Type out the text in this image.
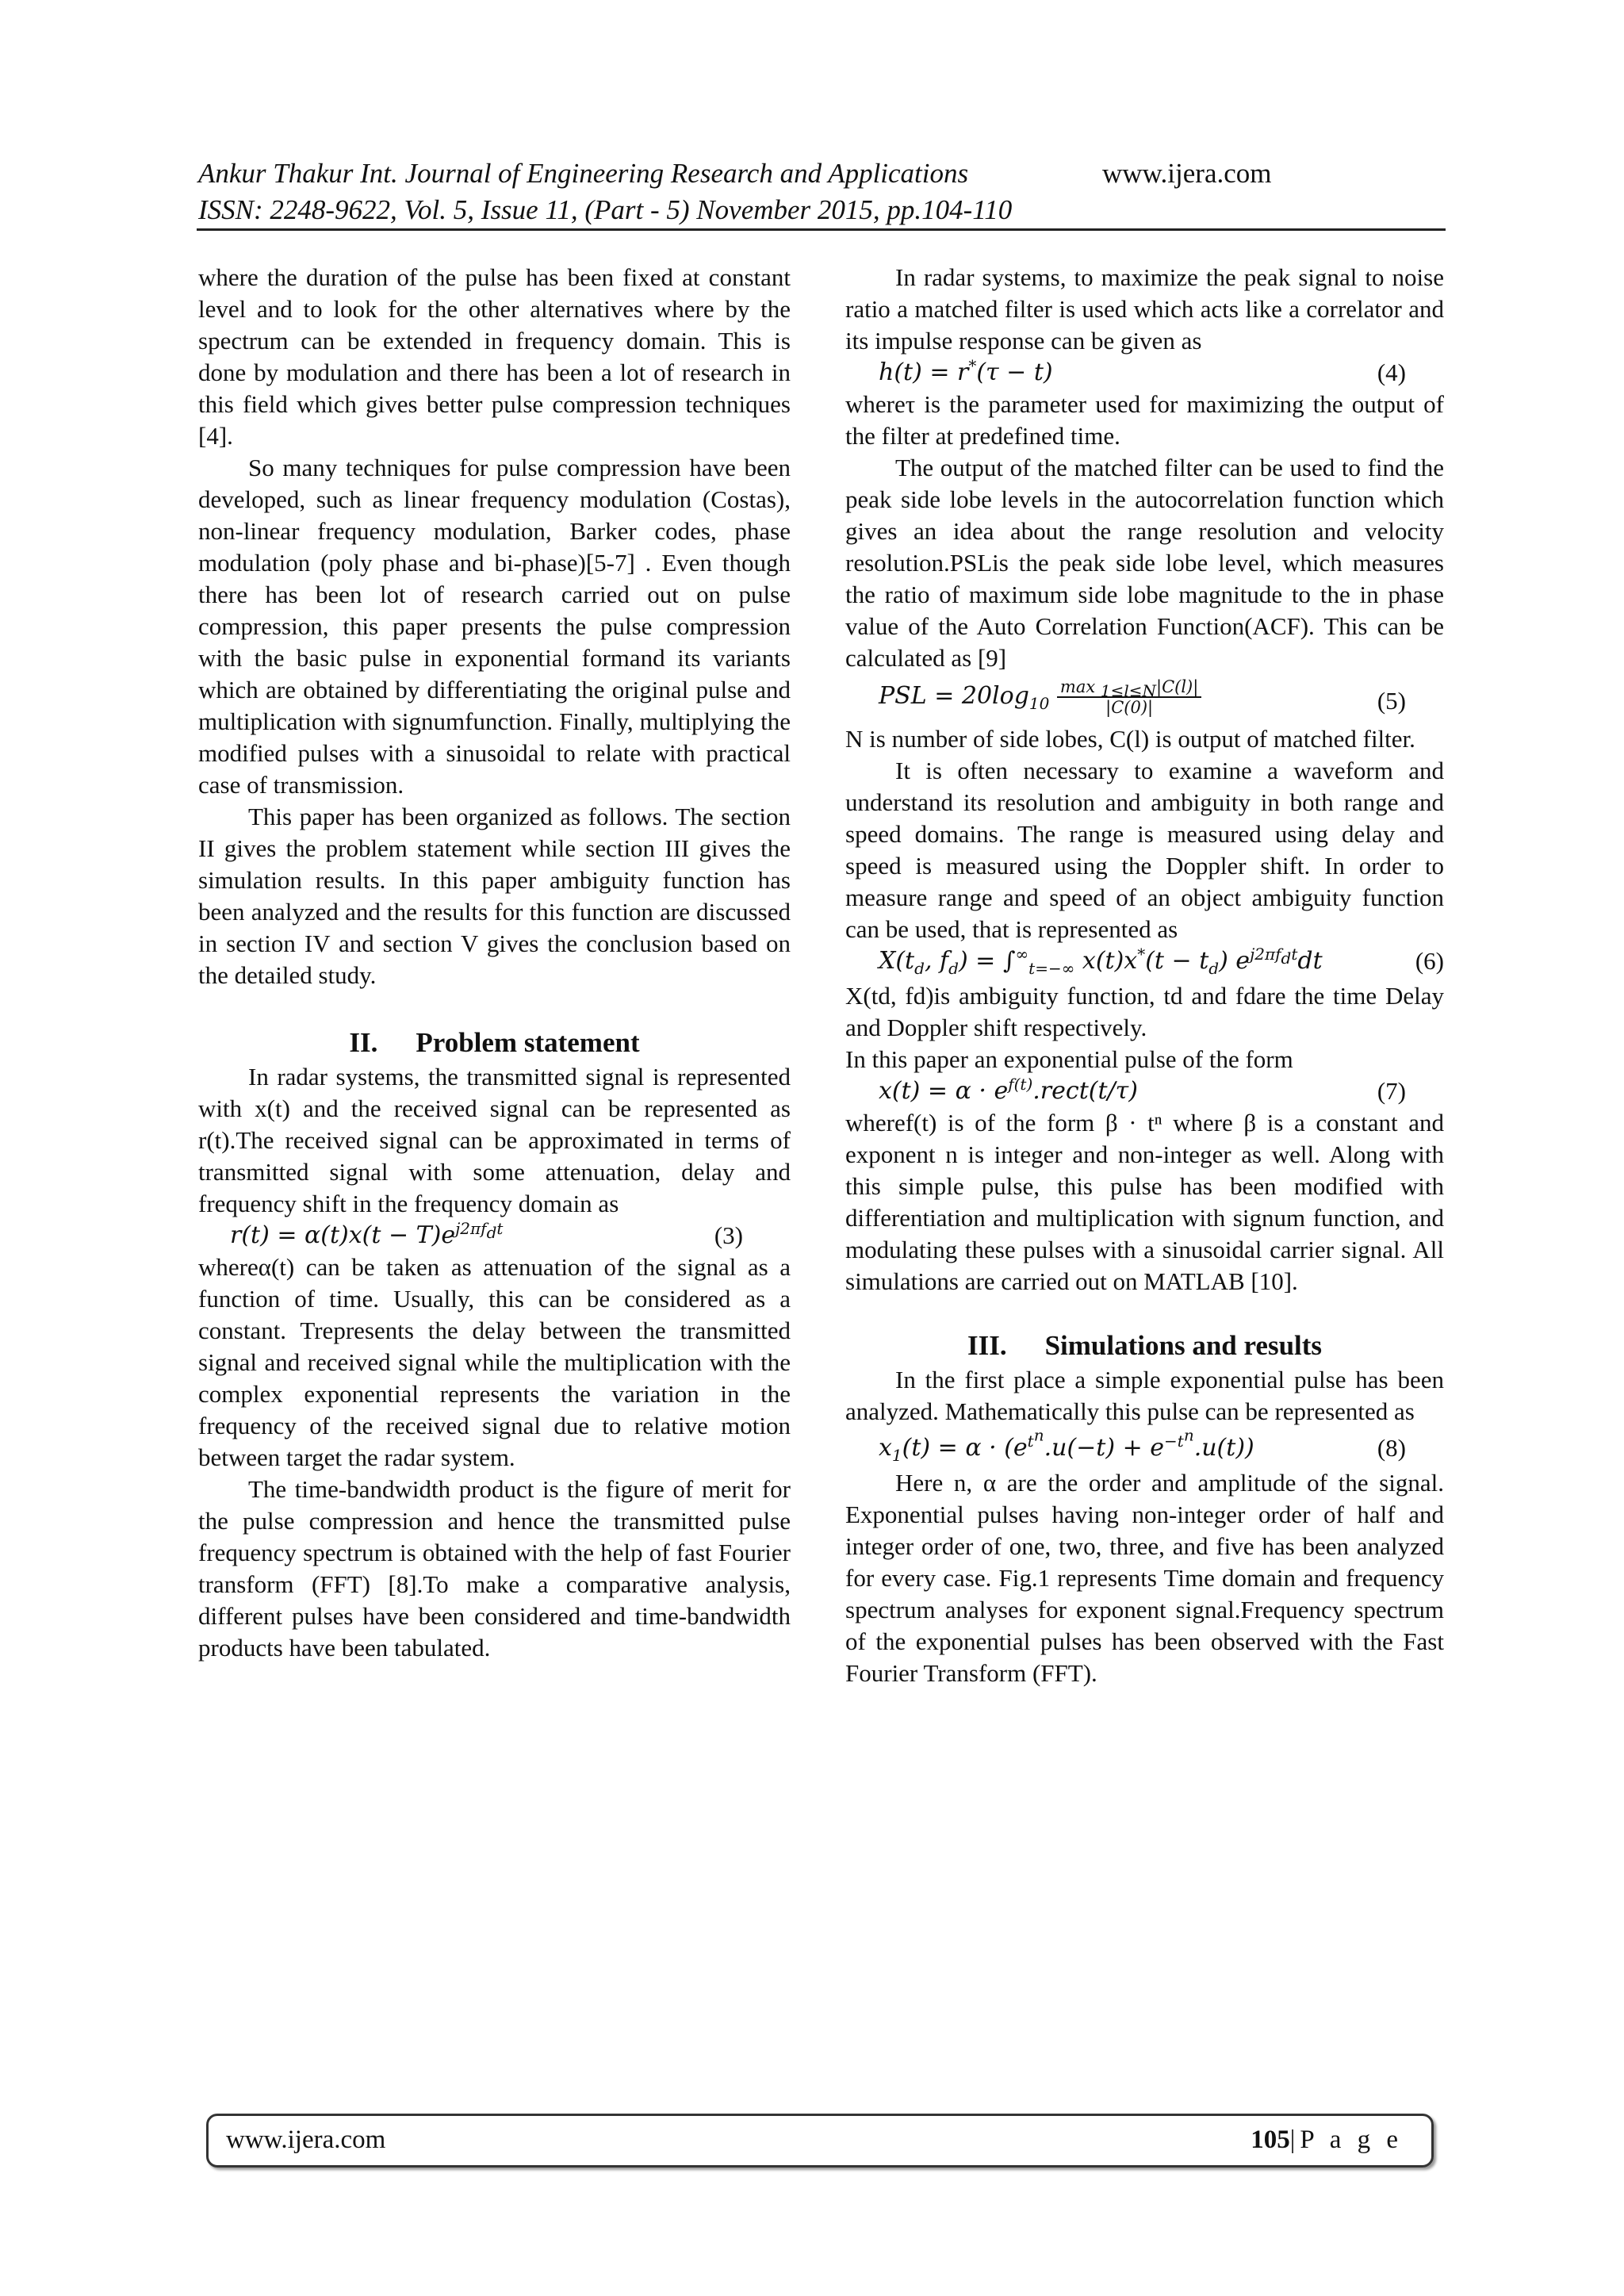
Ankur Thakur Int. Journal of Engineering Research and Applications	www.ijera.com
ISSN: 2248-9622, Vol. 5, Issue 11, (Part - 5) November 2015, pp.104-110

where the duration of the pulse has been fixed at constant level and to look for the other alternatives where by the spectrum can be extended in frequency domain. This is done by modulation and there has been a lot of research in this field which gives better pulse compression techniques [4].

So many techniques for pulse compression have been developed, such as linear frequency modulation (Costas), non-linear frequency modulation, Barker codes, phase modulation (poly phase and bi-phase)[5-7] . Even though there has been lot of research carried out on pulse compression, this paper presents the pulse compression with the basic pulse in exponential formand its variants which are obtained by differentiating the original pulse and multiplication with signumfunction. Finally, multiplying the modified pulses with a sinusoidal to relate with practical case of transmission.

This paper has been organized as follows. The section II gives the problem statement while section III gives the simulation results. In this paper ambiguity function has been analyzed and the results for this function are discussed in section IV and section V gives the conclusion based on the detailed study.

II. Problem statement

In radar systems, the transmitted signal is represented with x(t) and the received signal can be represented as r(t).The received signal can be approximated in terms of transmitted signal with some attenuation, delay and frequency shift in the frequency domain as

$r(t) = \alpha(t)x(t - T)e^{j2\pi f_dt}$	(3)

whereα(t) can be taken as attenuation of the signal as a function of time. Usually, this can be considered as a constant. Trepresents the delay between the transmitted signal and received signal while the multiplication with the complex exponential represents the variation in the frequency of the received signal due to relative motion between target the radar system.

The time-bandwidth product is the figure of merit for the pulse compression and hence the transmitted pulse frequency spectrum is obtained with the help of fast Fourier transform (FFT) [8].To make a comparative analysis, different pulses have been considered and time-bandwidth products have been tabulated.

In radar systems, to maximize the peak signal to noise ratio a matched filter is used which acts like a correlator and its impulse response can be given as

h(t) = r*(τ − t)	(4)

whereτ is the parameter used for maximizing the output of the filter at predefined time.

The output of the matched filter can be used to find the peak side lobe levels in the autocorrelation function which gives an idea about the range resolution and velocity resolution.PSLis the peak side lobe level, which measures the ratio of maximum side lobe magnitude to the in phase value of the Auto Correlation Function(ACF). This can be calculated as [9]

PSL = $20\log_{10} \frac{\max _{1\le l\le N}|C(l)|}{|C(0)|}$	(5)

N is number of side lobes, C(l) is output of matched filter.

It is often necessary to examine a waveform and understand its resolution and ambiguity in both range and speed domains. The range is measured using delay and speed is measured using the Doppler shift. In order to measure range and speed of an object ambiguity function can be used, that is represented as

$X(t_d$, $f_d) = \int^\infty_{t=-\infty}$ $x(t)x^*(t - t_d)$ $e^{j2\pi f_dt}dt$	(6)

X(td, fd)is ambiguity function, td and fdare the time Delay and Doppler shift respectively.

In this paper an exponential pulse of the form

$x(t) = \alpha \cdot e^{f(t)}.rect(t/\tau)$	(7)

wheref(t) is of the form β · tⁿ where β is a constant and exponent n is integer and non-integer as well. Along with this simple pulse, this pulse has been modified with differentiation and multiplication with signum function, and modulating these pulses with a sinusoidal carrier signal. All simulations are carried out on MATLAB [10].

III. Simulations and results

In the first place a simple exponential pulse has been analyzed. Mathematically this pulse can be represented as

$x_1(t) = \alpha \cdot (e^{t^n}.u(-t) + e^{-t^n}.u(t))$	(8)

Here n, α are the order and amplitude of the signal. Exponential pulses having non-integer order of half and integer order of one, two, three, and five has been analyzed for every case. Fig.1 represents Time domain and frequency spectrum analyses for exponent signal.Frequency spectrum of the exponential pulses has been observed with the Fast Fourier Transform (FFT).

www.ijera.com	105|P a g e
